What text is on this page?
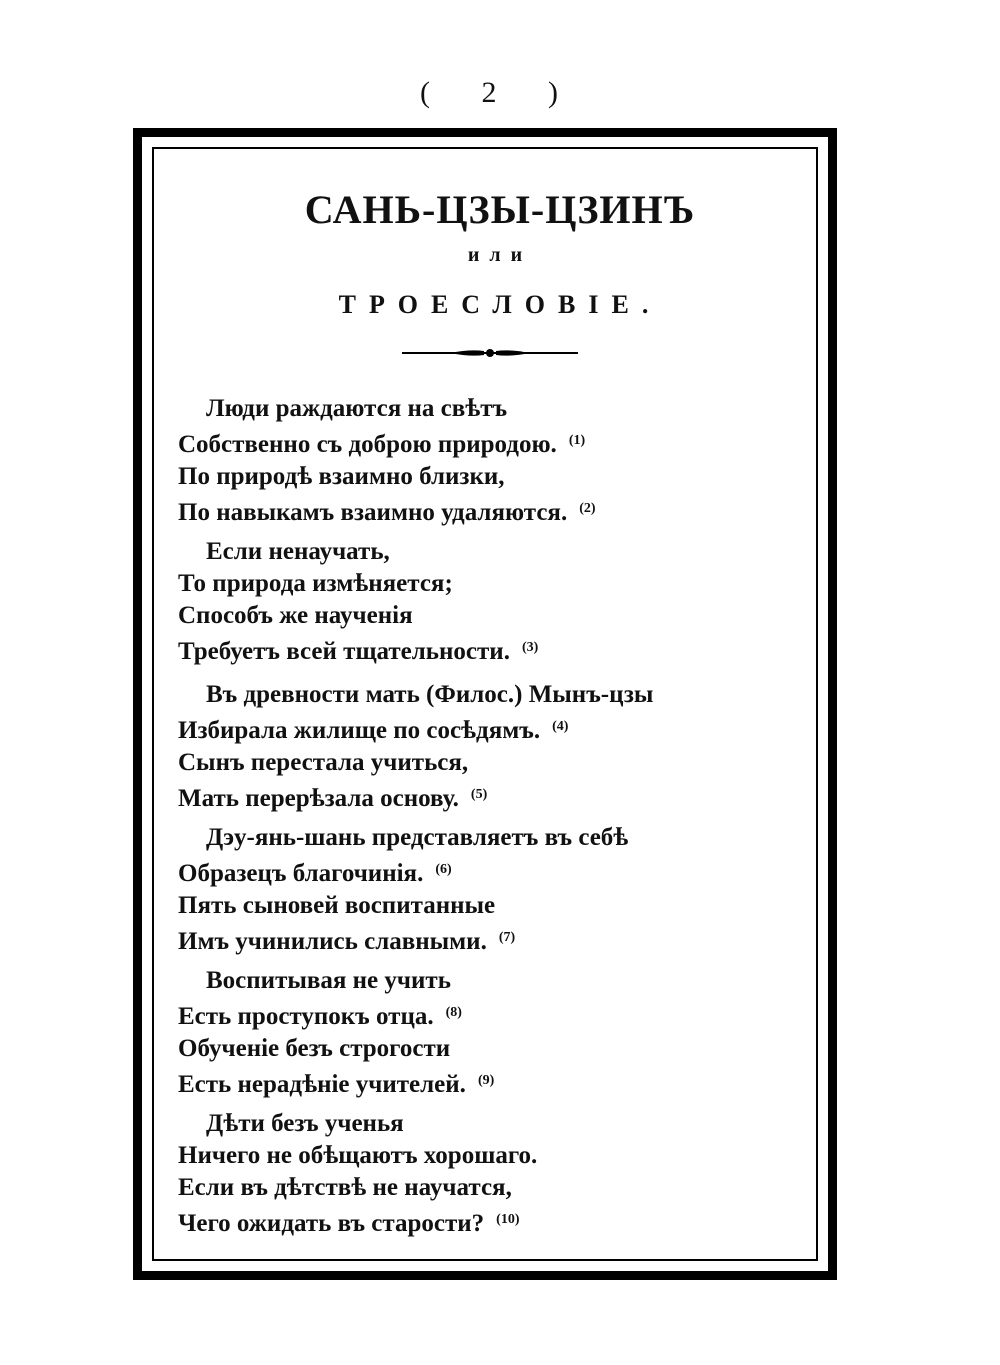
( 2 )
САНЬ-ЦЗЫ-ЦЗИНЪ
или
ТРОЕСЛОВІЕ.
Люди раждаются на свѣтъ
Собственно съ доброю природою. $^{(1)}$
По природѣ взаимно близки,
По навыкамъ взаимно удаляются. $^{(2)}$
Если ненаучать,
То природа измѣняется;
Способъ же наученія
Требуетъ всей тщательности. $^{(3)}$
Въ древности мать (Филос.) Мынъ-цзы
Избирала жилище по сосѣдямъ. $^{(4)}$
Сынъ перестала учиться,
Мать перерѣзала основу. $^{(5)}$
Дэу-янь-шань представляетъ въ себѣ
Образецъ благочинія. $^{(6)}$
Пять сыновей воспитанные
Имъ учинились славными. $^{(7)}$
Воспитывая не учить
Есть проступокъ отца. $^{(8)}$
Обученіе безъ строгости
Есть нерадѣніе учителей. $^{(9)}$
Дѣти безъ ученья
Ничего не обѣщаютъ хорошаго.
Если въ дѣтствѣ не научатся,
Чего ожидать въ старости? $^{(10)}$
